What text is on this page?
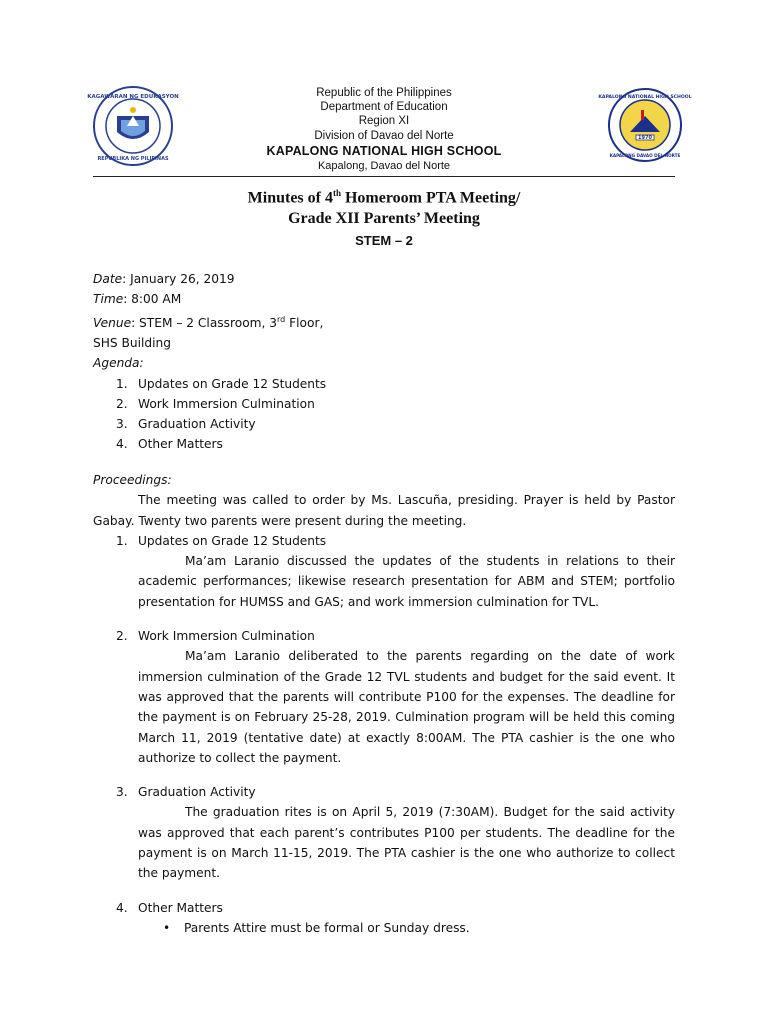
KAGAWARAN NG EDUKASYON
REPUBLIKA NG PILIPINAS
1970
KAPALONG NATIONAL HIGH SCHOOL
KAPALONG DAVAO DEL NORTE
Republic of the Philippines
Department of Education
Region XI
Division of Davao del Norte
KAPALONG NATIONAL HIGH SCHOOL
Kapalong, Davao del Norte
Minutes of 4th Homeroom PTA Meeting/
Grade XII Parents’ Meeting
STEM – 2
Date: January 26, 2019
Time: 8:00 AM
Venue: STEM – 2 Classroom, 3rd Floor,
SHS Building
Agenda:
1. Updates on Grade 12 Students
2. Work Immersion Culmination
3. Graduation Activity
4. Other Matters
Proceedings:
The meeting was called to order by Ms. Lascuña, presiding. Prayer is held by Pastor Gabay. Twenty two parents were present during the meeting.
1. Updates on Grade 12 Students

Ma’am Laranio discussed the updates of the students in relations to their academic performances; likewise research presentation for ABM and STEM; portfolio presentation for HUMSS and GAS; and work immersion culmination for TVL.

2. Work Immersion Culmination

Ma’am Laranio deliberated to the parents regarding on the date of work immersion culmination of the Grade 12 TVL students and budget for the said event. It was approved that the parents will contribute P100 for the expenses. The deadline for the payment is on February 25-28, 2019. Culmination program will be held this coming March 11, 2019 (tentative date) at exactly 8:00AM. The PTA cashier is the one who authorize to collect the payment.

3. Graduation Activity

The graduation rites is on April 5, 2019 (7:30AM). Budget for the said activity was approved that each parent’s contributes P100 per students. The deadline for the payment is on March 11-15, 2019. The PTA cashier is the one who authorize to collect the payment.

4. Other Matters
• Parents Attire must be formal or Sunday dress.
